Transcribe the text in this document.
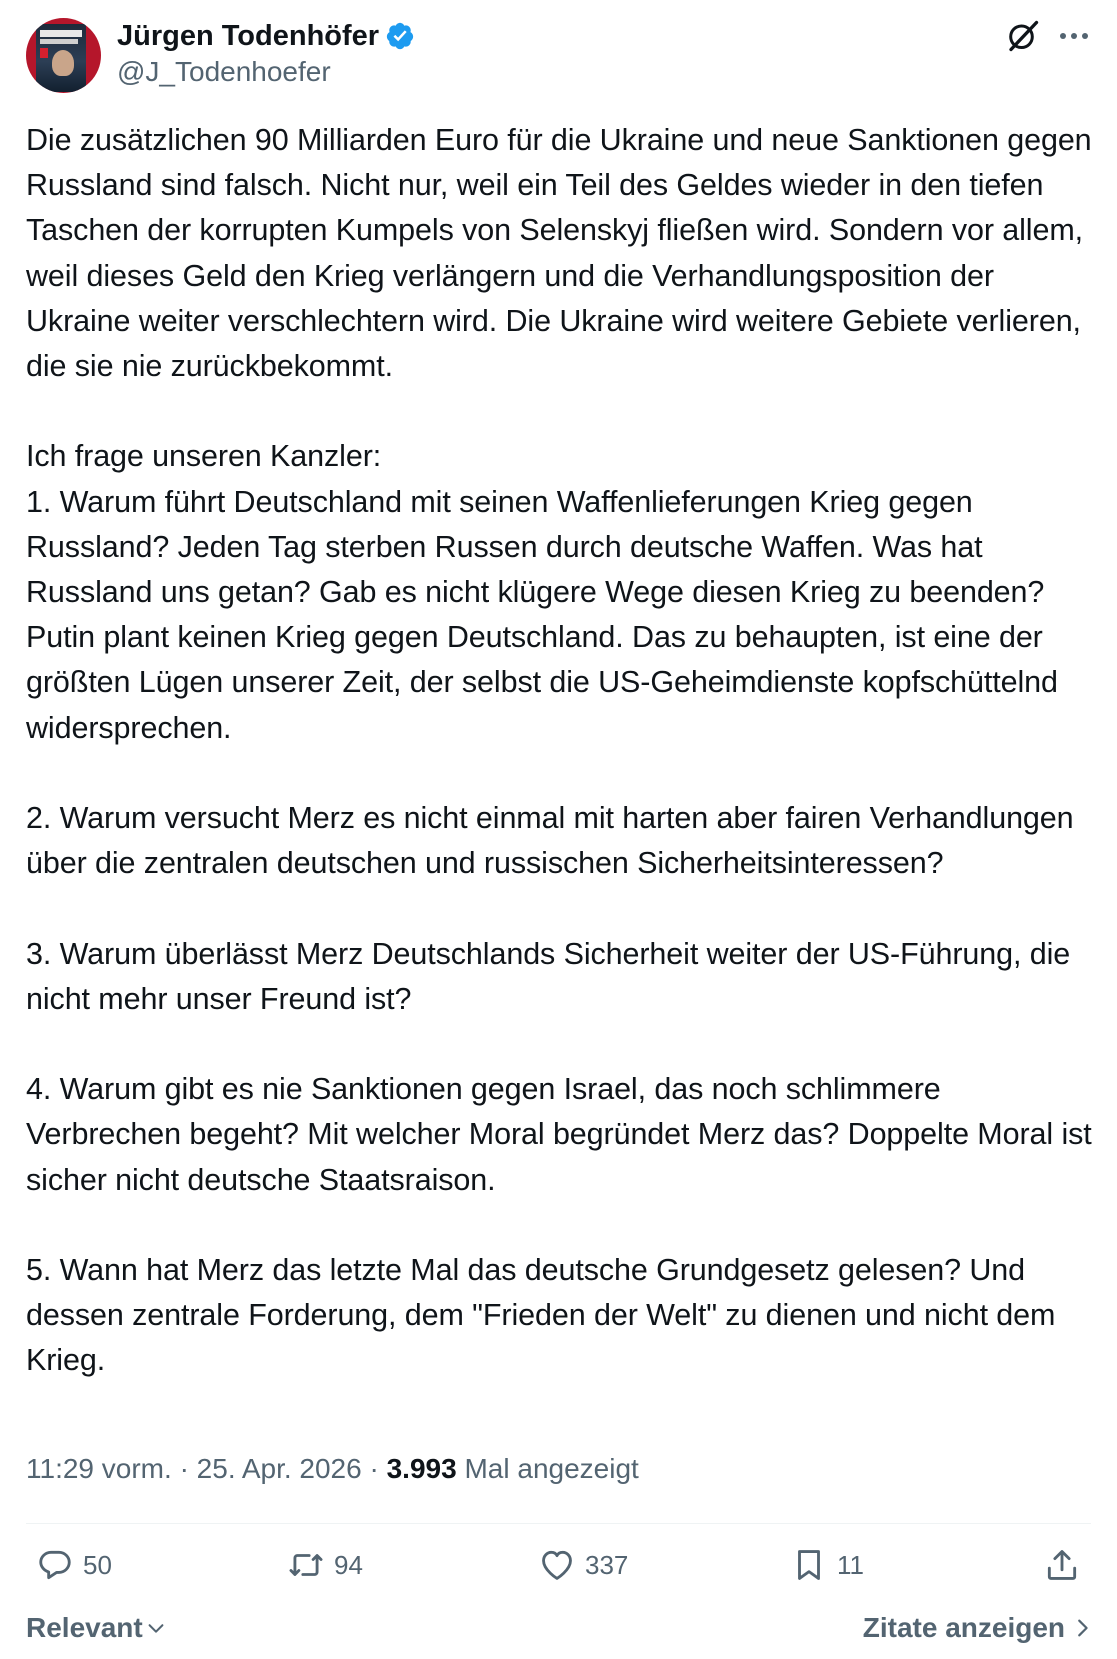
Jürgen Todenhöfer
@J_Todenhoefer
Die zusätzlichen 90 Milliarden Euro für die Ukraine und neue Sanktionen gegen Russland sind falsch. Nicht nur, weil ein Teil des Geldes wieder in den tiefen Taschen der korrupten Kumpels von Selenskyj fließen wird. Sondern vor allem, weil dieses Geld den Krieg verlängern und die Verhandlungsposition der Ukraine weiter verschlechtern wird. Die Ukraine wird weitere Gebiete verlieren, die sie nie zurückbekommt.

Ich frage unseren Kanzler:
1. Warum führt Deutschland mit seinen Waffenlieferungen Krieg gegen Russland? Jeden Tag sterben Russen durch deutsche Waffen. Was hat Russland uns getan? Gab es nicht klügere Wege diesen Krieg zu beenden? Putin plant keinen Krieg gegen Deutschland. Das zu behaupten, ist eine der größten Lügen unserer Zeit, der selbst die US-Geheimdienste kopfschüttelnd widersprechen.

2. Warum versucht Merz es nicht einmal mit harten aber fairen Verhandlungen über die zentralen deutschen und russischen Sicherheitsinteressen?

3. Warum überlässt Merz Deutschlands Sicherheit weiter der US-Führung, die nicht mehr unser Freund ist?

4. Warum gibt es nie Sanktionen gegen Israel, das noch schlimmere Verbrechen begeht? Mit welcher Moral begründet Merz das? Doppelte Moral ist sicher nicht deutsche Staatsraison.

5. Wann hat Merz das letzte Mal das deutsche Grundgesetz gelesen? Und dessen zentrale Forderung, dem "Frieden der Welt" zu dienen und nicht dem Krieg.
11:29 vorm. · 25. Apr. 2026 · 3.993 Mal angezeigt
50	94	337	11
Relevant	Zitate anzeigen
